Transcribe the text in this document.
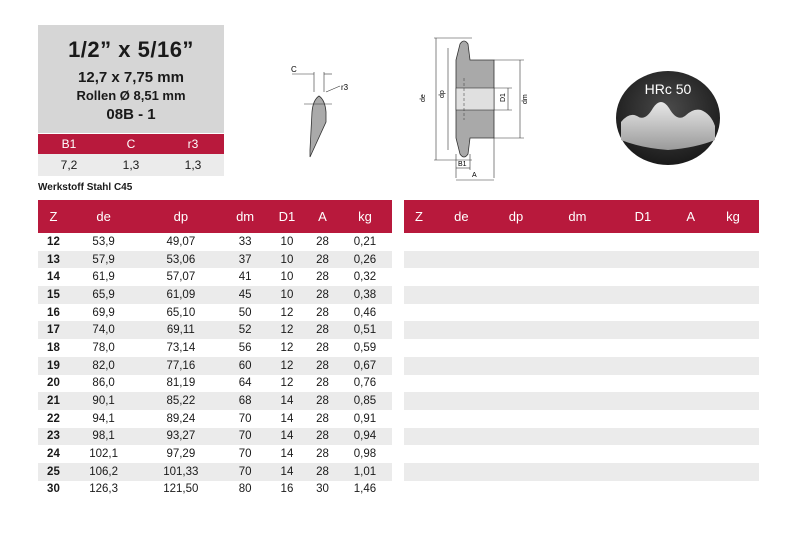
1/2” x 5/16”
12,7 x 7,75 mm
Rollen Ø 8,51 mm
08B - 1
B1	C	r3
7,2	1,3	1,3
Werkstoff Stahl C45
Z	de	dp	dm	D1	A	kg
12	53,9	49,07	33	10	28	0,21
13	57,9	53,06	37	10	28	0,26
14	61,9	57,07	41	10	28	0,32
15	65,9	61,09	45	10	28	0,38
16	69,9	65,10	50	12	28	0,46
17	74,0	69,11	52	12	28	0,51
18	78,0	73,14	56	12	28	0,59
19	82,0	77,16	60	12	28	0,67
20	86,0	81,19	64	12	28	0,76
21	90,1	85,22	68	14	28	0,85
22	94,1	89,24	70	14	28	0,91
23	98,1	93,27	70	14	28	0,94
24	102,1	97,29	70	14	28	0,98
25	106,2	101,33	70	14	28	1,01
30	126,3	121,50	80	16	30	1,46
Z	de	dp	dm	D1	A	kg

C
r3
de
dp	D1 dm
B1
A
HRc 50
